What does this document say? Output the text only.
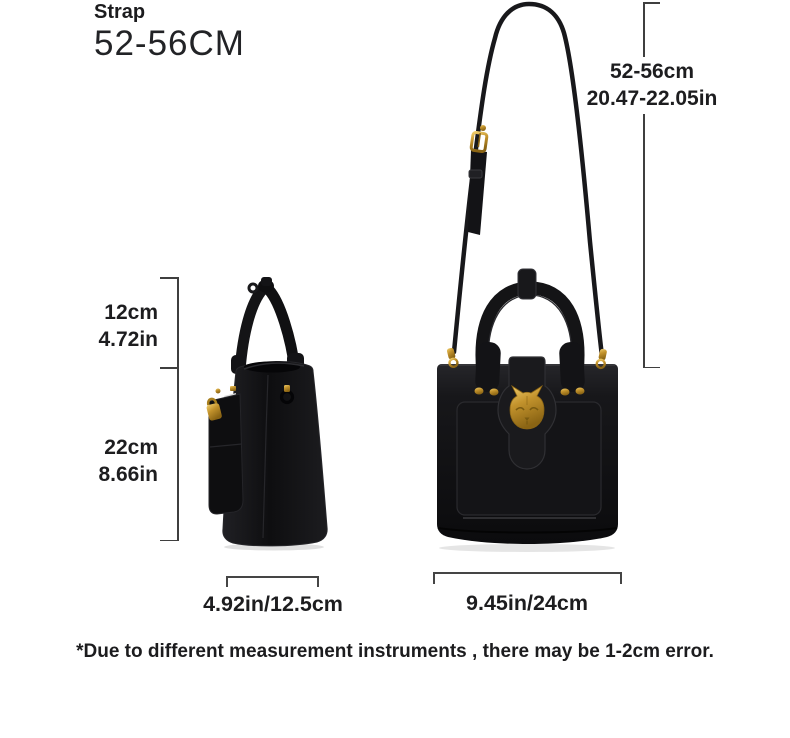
Strap
52-56CM
52-56cm
20.47-22.05in
12cm
4.72in
22cm
8.66in
4.92in/12.5cm	9.45in/24cm
*Due to different measurement instruments , there may be 1-2cm error.
